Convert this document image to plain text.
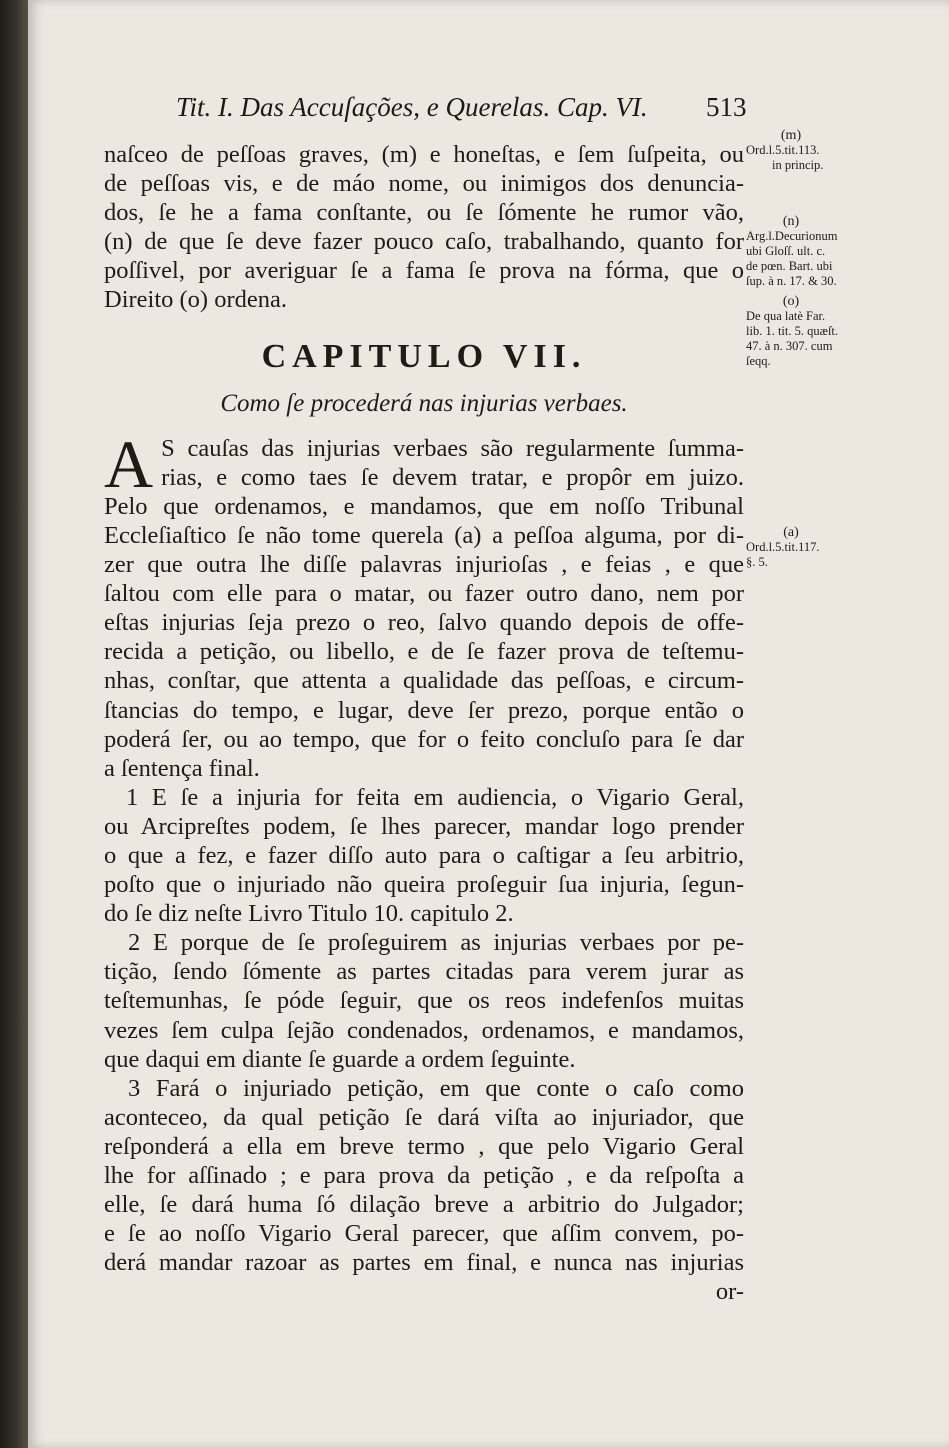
Tit. I. Das Accuſações, e Querelas. Cap. VI. 513
naſceo de peſſoas graves, (m) e honeſtas, e ſem ſuſpeita, ou
de peſſoas vis, e de máo nome, ou inimigos dos denuncia-
dos, ſe he a fama conſtante, ou ſe ſómente he rumor vão,
(n) de que ſe deve fazer pouco caſo, trabalhando, quanto for
poſſivel, por averiguar ſe a fama ſe prova na fórma, que o
Direito (o) ordena.
CAPITULO VII.
Como ſe procederá nas injurias verbaes.
A S cauſas das injurias verbaes são regularmente ſumma-
rias, e como taes ſe devem tratar, e propôr em juizo.
Pelo que ordenamos, e mandamos, que em noſſo Tribunal
Eccleſiaſtico ſe não tome querela (a) a peſſoa alguma, por di-
zer que outra lhe diſſe palavras injurioſas , e feias , e que
ſaltou com elle para o matar, ou fazer outro dano, nem por
eſtas injurias ſeja prezo o reo, ſalvo quando depois de offe-
recida a petição, ou libello, e de ſe fazer prova de teſtemu-
nhas, conſtar, que attenta a qualidade das peſſoas, e circum-
ſtancias do tempo, e lugar, deve ſer prezo, porque então o
poderá ſer, ou ao tempo, que for o feito concluſo para ſe dar
a ſentença final.
1 E ſe a injuria for feita em audiencia, o Vigario Geral,
ou Arcipreſtes podem, ſe lhes parecer, mandar logo prender
o que a fez, e fazer diſſo auto para o caſtigar a ſeu arbitrio,
poſto que o injuriado não queira proſeguir ſua injuria, ſegun-
do ſe diz neſte Livro Titulo 10. capitulo 2.
2 E porque de ſe proſeguirem as injurias verbaes por pe-
tição, ſendo ſómente as partes citadas para verem jurar as
teſtemunhas, ſe póde ſeguir, que os reos indefenſos muitas
vezes ſem culpa ſejão condenados, ordenamos, e mandamos,
que daqui em diante ſe guarde a ordem ſeguinte.
3 Fará o injuriado petição, em que conte o caſo como
aconteceo, da qual petição ſe dará viſta ao injuriador, que
reſponderá a ella em breve termo , que pelo Vigario Geral
lhe for aſſinado ; e para prova da petição , e da reſpoſta a
elle, ſe dará huma ſó dilação breve a arbitrio do Julgador;
e ſe ao noſſo Vigario Geral parecer, que aſſim convem, po-
derá mandar razoar as partes em final, e nunca nas injurias
or-
(m)
Ord.l.5.tit.113.
in princip.
(n)
Arg.l.Decurionum
ubi Gloſſ. ult. c.
de pœn. Bart. ubi
ſup. à n. 17. & 30.
(o)
De qua latè Far.
lib. 1. tit. 5. quæſt.
47. à n. 307. cum
ſeqq.
(a)
Ord.l.5.tit.117.
§. 5.
